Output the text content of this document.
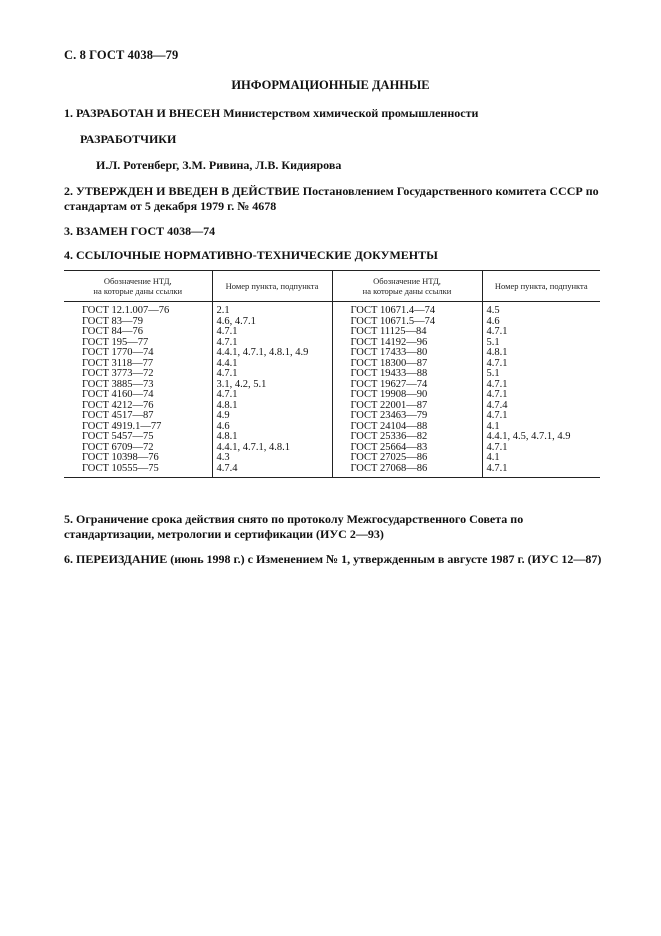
С. 8 ГОСТ 4038—79
ИНФОРМАЦИОННЫЕ ДАННЫЕ
1. РАЗРАБОТАН И ВНЕСЕН Министерством химической промышленности
РАЗРАБОТЧИКИ
И.Л. Ротенберг, З.М. Ривина, Л.В. Кидиярова
2. УТВЕРЖДЕН И ВВЕДЕН В ДЕЙСТВИЕ Постановлением Государственного комитета СССР по стандартам от 5 декабря 1979 г. № 4678
3. ВЗАМЕН ГОСТ 4038—74
4. ССЫЛОЧНЫЕ НОРМАТИВНО-ТЕХНИЧЕСКИЕ ДОКУМЕНТЫ
Обозначение НТД,
на которые даны ссылки	Номер пункта, подпункта	Обозначение НТД,
на которые даны ссылки	Номер пункта, подпункта
ГОСТ 12.1.007—76	2.1	ГОСТ 10671.4—74	4.5
ГОСТ 83—79	4.6, 4.7.1	ГОСТ 10671.5—74	4.6
ГОСТ 84—76	4.7.1	ГОСТ 11125—84	4.7.1
ГОСТ 195—77	4.7.1	ГОСТ 14192—96	5.1
ГОСТ 1770—74	4.4.1, 4.7.1, 4.8.1, 4.9	ГОСТ 17433—80	4.8.1
ГОСТ 3118—77	4.4.1	ГОСТ 18300—87	4.7.1
ГОСТ 3773—72	4.7.1	ГОСТ 19433—88	5.1
ГОСТ 3885—73	3.1, 4.2, 5.1	ГОСТ 19627—74	4.7.1
ГОСТ 4160—74	4.7.1	ГОСТ 19908—90	4.7.1
ГОСТ 4212—76	4.8.1	ГОСТ 22001—87	4.7.4
ГОСТ 4517—87	4.9	ГОСТ 23463—79	4.7.1
ГОСТ 4919.1—77	4.6	ГОСТ 24104—88	4.1
ГОСТ 5457—75	4.8.1	ГОСТ 25336—82	4.4.1, 4.5, 4.7.1, 4.9
ГОСТ 6709—72	4.4.1, 4.7.1, 4.8.1	ГОСТ 25664—83	4.7.1
ГОСТ 10398—76	4.3	ГОСТ 27025—86	4.1
ГОСТ 10555—75	4.7.4	ГОСТ 27068—86	4.7.1
5. Ограничение срока действия снято по протоколу Межгосударственного Совета по стандартизации, метрологии и сертификации (ИУС 2—93)
6. ПЕРЕИЗДАНИЕ (июнь 1998 г.) с Изменением № 1, утвержденным в августе 1987 г. (ИУС 12—87)
